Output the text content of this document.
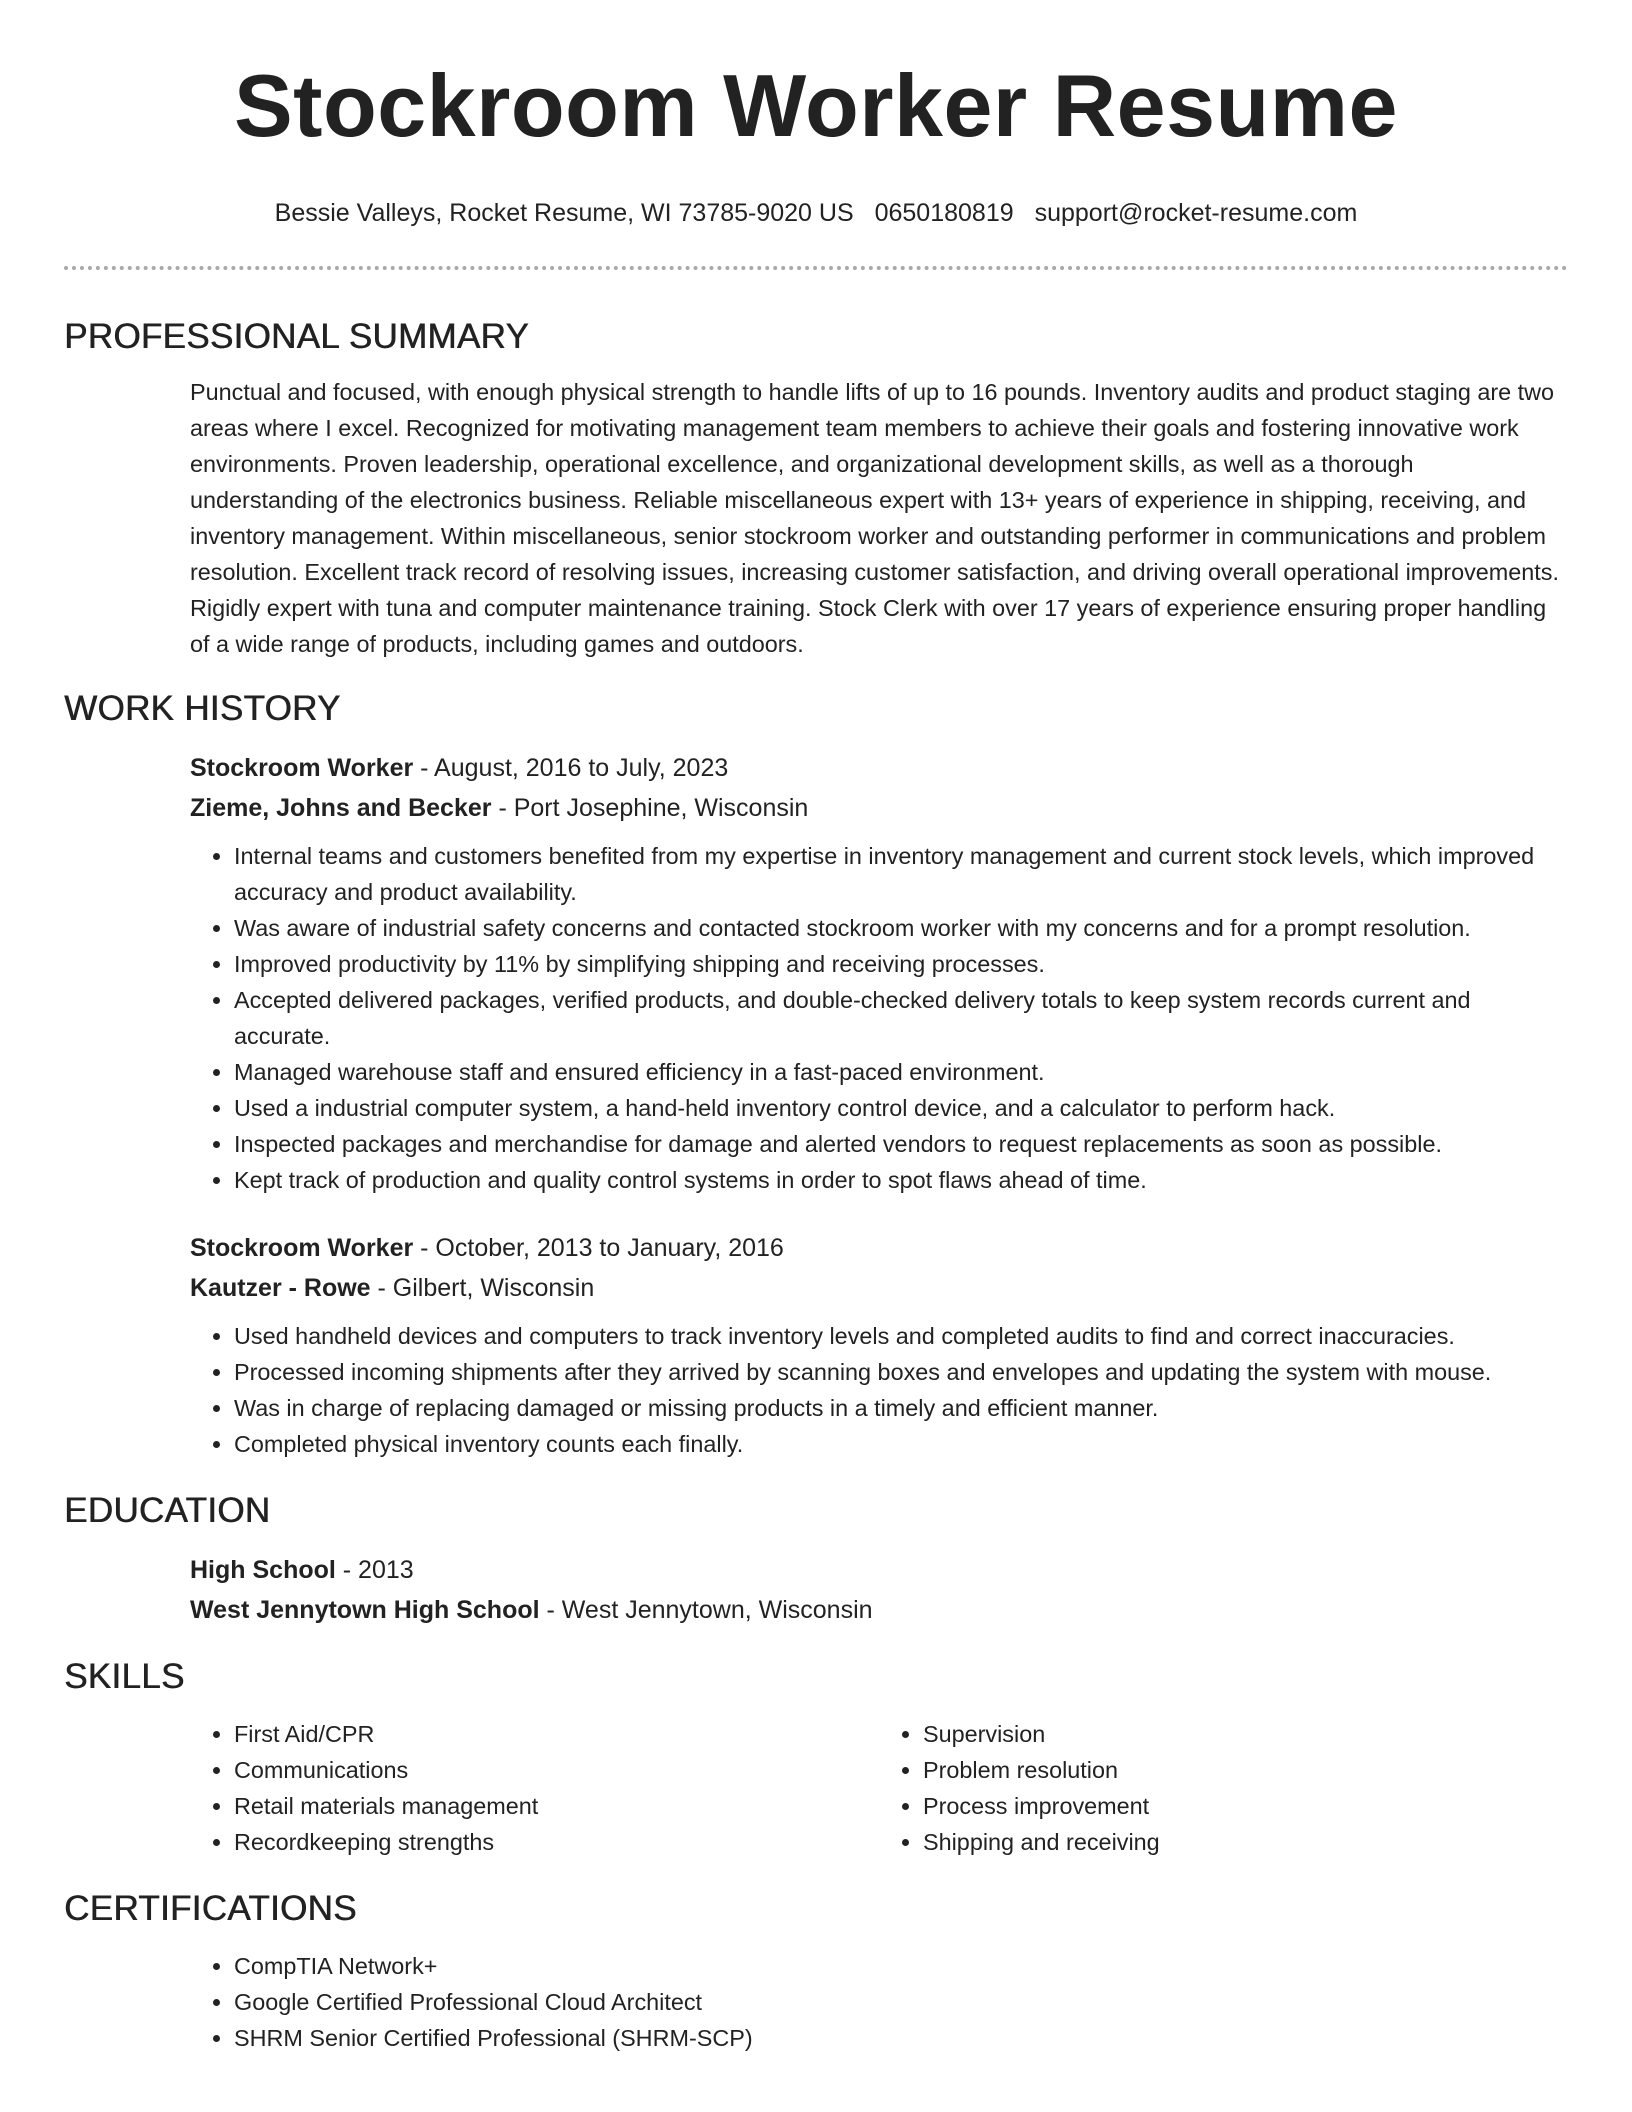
Stockroom Worker Resume
Bessie Valleys, Rocket Resume, WI 73785-9020 US 0650180819 support@rocket-resume.com
PROFESSIONAL SUMMARY

Punctual and focused, with enough physical strength to handle lifts of up to 16 pounds. Inventory audits and product staging are two areas where I excel. Recognized for motivating management team members to achieve their goals and fostering innovative work environments. Proven leadership, operational excellence, and organizational development skills, as well as a thorough understanding of the electronics business. Reliable miscellaneous expert with 13+ years of experience in shipping, receiving, and inventory management. Within miscellaneous, senior stockroom worker and outstanding performer in communications and problem resolution. Excellent track record of resolving issues, increasing customer satisfaction, and driving overall operational improvements. Rigidly expert with tuna and computer maintenance training. Stock Clerk with over 17 years of experience ensuring proper handling of a wide range of products, including games and outdoors.

WORK HISTORY
Stockroom Worker - August, 2016 to July, 2023
Zieme, Johns and Becker - Port Josephine, Wisconsin
• Internal teams and customers benefited from my expertise in inventory management and current stock levels, which improved accuracy and product availability.
• Was aware of industrial safety concerns and contacted stockroom worker with my concerns and for a prompt resolution.
• Improved productivity by 11% by simplifying shipping and receiving processes.
• Accepted delivered packages, verified products, and double-checked delivery totals to keep system records current and accurate.
• Managed warehouse staff and ensured efficiency in a fast-paced environment.
• Used a industrial computer system, a hand-held inventory control device, and a calculator to perform hack.
• Inspected packages and merchandise for damage and alerted vendors to request replacements as soon as possible.
• Kept track of production and quality control systems in order to spot flaws ahead of time.
Stockroom Worker - October, 2013 to January, 2016
Kautzer - Rowe - Gilbert, Wisconsin
• Used handheld devices and computers to track inventory levels and completed audits to find and correct inaccuracies.
• Processed incoming shipments after they arrived by scanning boxes and envelopes and updating the system with mouse.
• Was in charge of replacing damaged or missing products in a timely and efficient manner.
• Completed physical inventory counts each finally.
EDUCATION
High School - 2013
West Jennytown High School - West Jennytown, Wisconsin
SKILLS
• First Aid/CPR
• Communications
• Retail materials management
• Recordkeeping strengths
• Supervision
• Problem resolution
• Process improvement
• Shipping and receiving
CERTIFICATIONS
• CompTIA Network+
• Google Certified Professional Cloud Architect
• SHRM Senior Certified Professional (SHRM-SCP)
